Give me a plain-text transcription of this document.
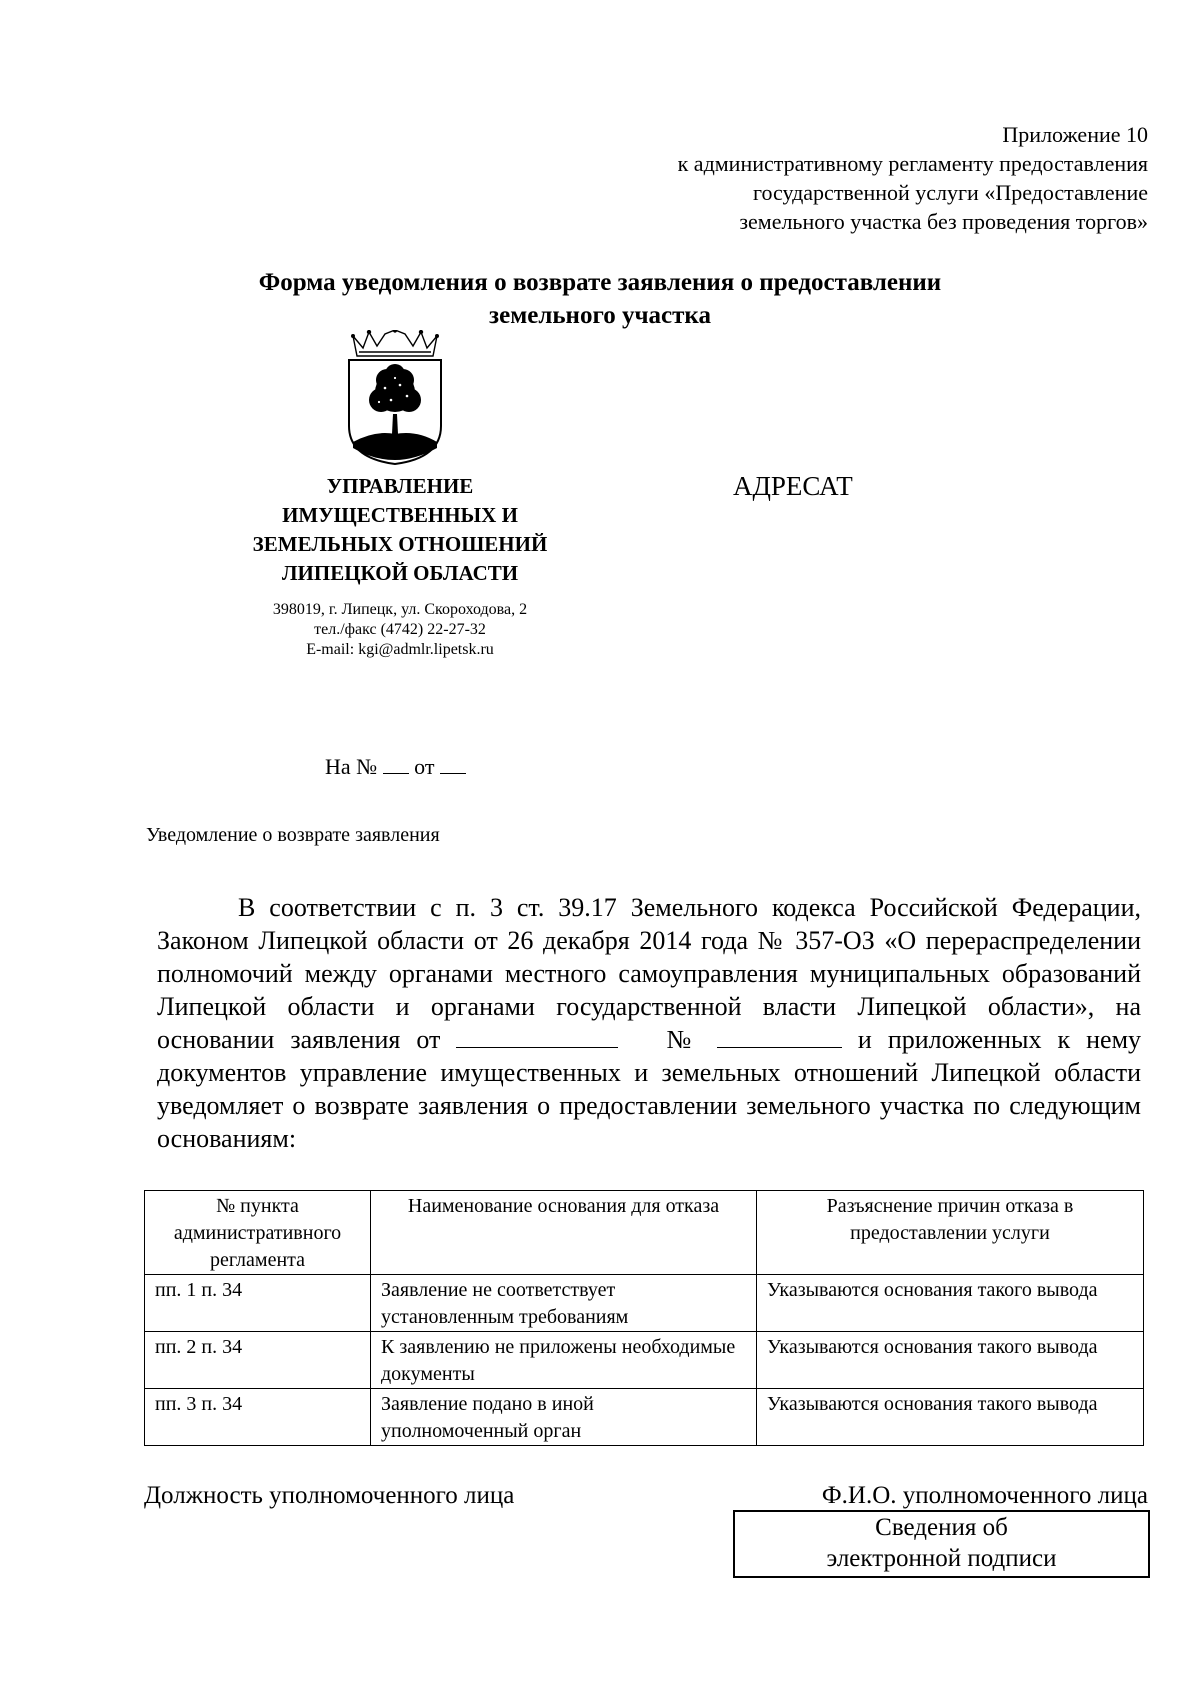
Приложение 10
к административному регламенту предоставления
государственной услуги «Предоставление
земельного участка без проведения торгов»
Форма уведомления о возврате заявления о предоставлении
земельного участка
УПРАВЛЕНИЕ
ИМУЩЕСТВЕННЫХ И
ЗЕМЕЛЬНЫХ ОТНОШЕНИЙ
ЛИПЕЦКОЙ ОБЛАСТИ
398019, г. Липецк, ул. Скороходова, 2
тел./факс (4742) 22-27-32
E-mail: kgi@admlr.lipetsk.ru
АДРЕСАТ
На № от
Уведомление о возврате заявления

В соответствии с п. 3 ст. 39.17 Земельного кодекса Российской Федерации, Законом Липецкой области от 26 декабря 2014 года № 357-ОЗ «О перераспределении полномочий между органами местного самоуправления муниципальных образований Липецкой области и органами государственной власти Липецкой области», на основании заявления от	№	и приложенных к нему документов управление имущественных и земельных отношений Липецкой области уведомляет о возврате заявления о предоставлении земельного участка по следующим основаниям:

№ пункта административного регламента	Наименование основания для отказа	Разъяснение причин отказа в предоставлении услуги
пп. 1 п. 34	Заявление не соответствует установленным требованиям	Указываются основания такого вывода
пп. 2 п. 34	К заявлению не приложены необходимые документы	Указываются основания такого вывода
пп. 3 п. 34	Заявление подано в иной уполномоченный орган	Указываются основания такого вывода
Должность уполномоченного лица	Ф.И.О. уполномоченного лица
Сведения об
электронной подписи
